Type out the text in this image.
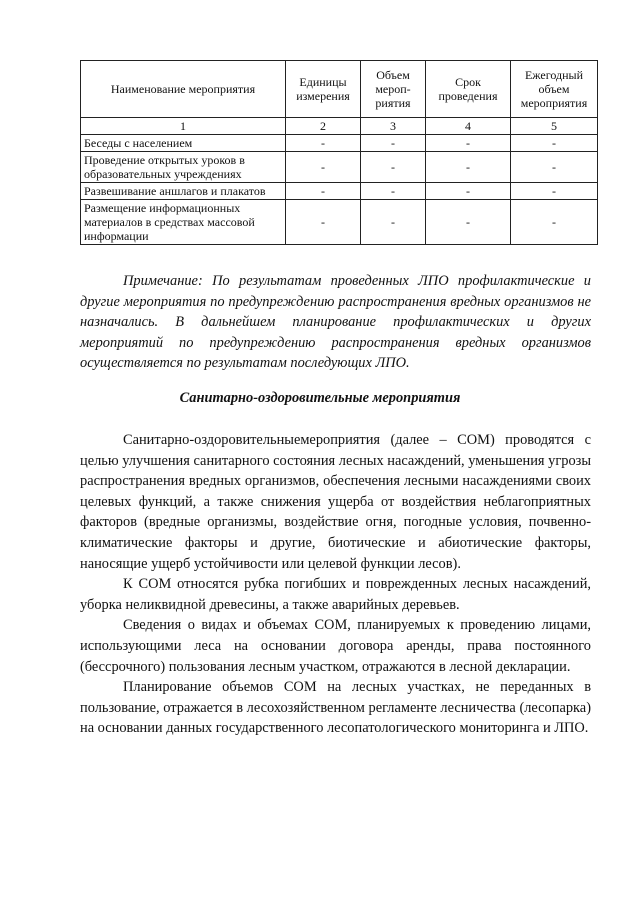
Наименование мероприятия	Единицы измерения	Объем мероп-риятия	Срок проведения	Ежегодный объем мероприятия
1	2	3	4	5
Беседы с населением	-	-	-	-
Проведение открытых уроков в образовательных учреждениях	-	-	-	-
Развешивание аншлагов и плакатов	-	-	-	-
Размещение информационных материалов в средствах массовой информации	-	-	-	-

Примечание: По результатам проведенных ЛПО профилактические и другие мероприятия по предупреждению распространения вредных организмов не назначались. В дальнейшем планирование профилактических и других мероприятий по предупреждению распространения вредных организмов осуществляется по результатам последующих ЛПО.

Санитарно-оздоровительные мероприятия

Санитарно-оздоровительныемероприятия (далее – СОМ) проводятся с целью улучшения санитарного состояния лесных насаждений, уменьшения угрозы распространения вредных организмов, обеспечения лесными насаждениями своих целевых функций, а также снижения ущерба от воздействия неблагоприятных факторов (вредные организмы, воздействие огня, погодные условия, почвенно-климатические факторы и другие, биотические и абиотические факторы, наносящие ущерб устойчивости или целевой функции лесов).

К СОМ относятся рубка погибших и поврежденных лесных насаждений, уборка неликвидной древесины, а также аварийных деревьев.

Сведения о видах и объемах СОМ, планируемых к проведению лицами, использующими леса на основании договора аренды, права постоянного (бессрочного) пользования лесным участком, отражаются в лесной декларации.

Планирование объемов СОМ на лесных участках, не переданных в пользование, отражается в лесохозяйственном регламенте лесничества (лесопарка) на основании данных государственного лесопатологического мониторинга и ЛПО.
